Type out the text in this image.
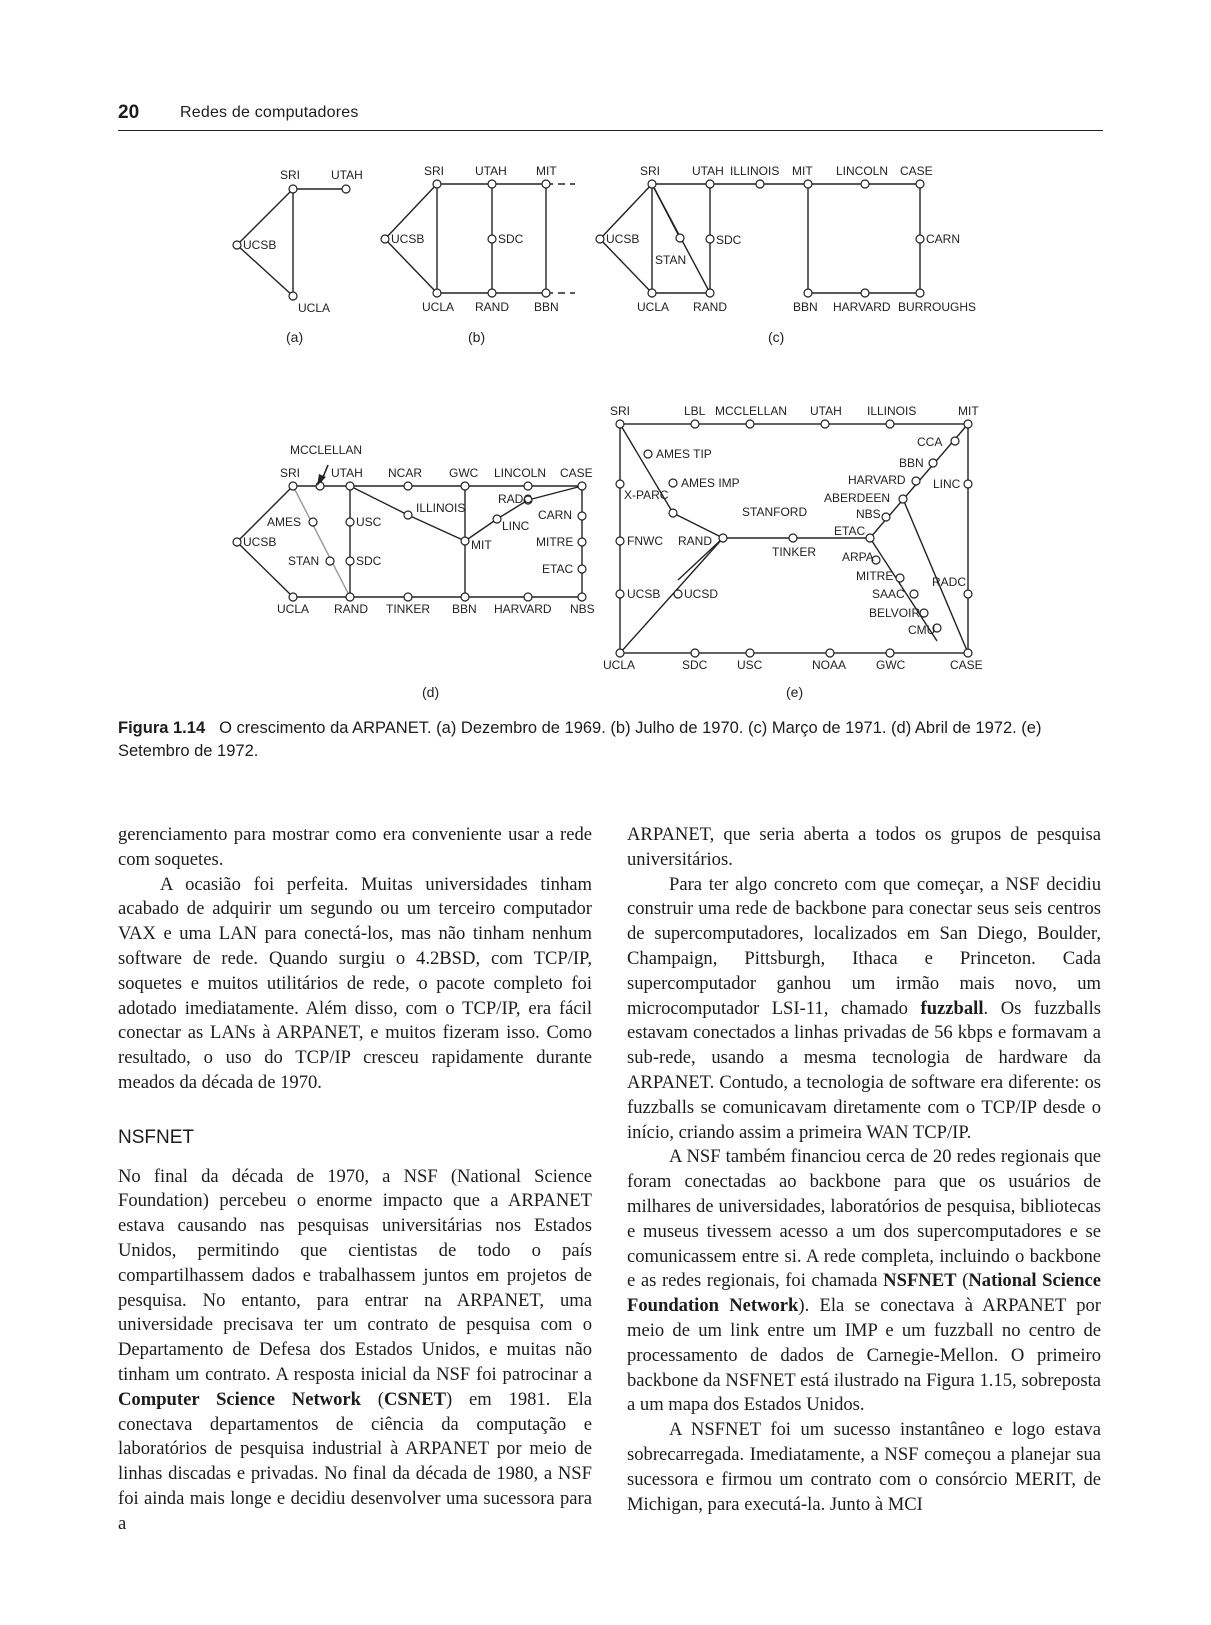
20	Redes de computadores
SRI	UTAH
UCSB
UCLA
(a)
SRI	UTAH MIT
UCSB	SDC
UCLA RAND BBN
(b)
SRI	UTAH ILLINOIS MIT LINCOLN CASE
UCSB	SDC
STAN
CARN
UCLA RAND	BBN HARVARD BURROUGHS
(c)
MCCLELLAN
SRI	UTAH NCAR GWC LINCOLN CASE
RADC
ILLINOIS	CARN
AMES	USC	LINC
UCSB	MIT	MITRE
STAN	SDC
ETAC
UCLA RAND TINKER BBN HARVARD NBS
(d)
SRI	LBL MCCLELLAN UTAH ILLINOIS	MIT
CCA
AMES TIP
BBN
AMES IMP	HARVARD LINC
X-PARC	ABERDEEN
STANFORD	NBS
ETAC
FNWC RAND
TINKER ARPA
MITRE	RADC
UCSB UCSD	SAAC
BELVOIR
CMU
UCLA	SDC USC	NOAA GWC	CASE
(e)
Figura 1.14 O crescimento da ARPANET. (a) Dezembro de 1969. (b) Julho de 1970. (c) Março de 1971. (d) Abril de 1972. (e) Setembro de 1972.

gerenciamento para mostrar como era conveniente usar a rede com soquetes.

A ocasião foi perfeita. Muitas universidades tinham acabado de adquirir um segundo ou um terceiro computador VAX e uma LAN para conectá-los, mas não tinham nenhum software de rede. Quando surgiu o 4.2BSD, com TCP/IP, soquetes e muitos utilitários de rede, o pacote completo foi adotado imediatamente. Além disso, com o TCP/IP, era fácil conectar as LANs à ARPANET, e muitos fizeram isso. Como resultado, o uso do TCP/IP cresceu rapidamente durante meados da década de 1970.

NSFNET

No final da década de 1970, a NSF (National Science Foundation) percebeu o enorme impacto que a ARPANET estava causando nas pesquisas universitárias nos Estados Unidos, permitindo que cientistas de todo o país compartilhassem dados e trabalhassem juntos em projetos de pesquisa. No entanto, para entrar na ARPANET, uma universidade precisava ter um contrato de pesquisa com o Departamento de Defesa dos Estados Unidos, e muitas não tinham um contrato. A resposta inicial da NSF foi patrocinar a Computer Science Network (CSNET) em 1981. Ela conectava departamentos de ciência da computação e laboratórios de pesquisa industrial à ARPANET por meio de linhas discadas e privadas. No final da década de 1980, a NSF foi ainda mais longe e decidiu desenvolver uma sucessora para a

ARPANET, que seria aberta a todos os grupos de pesquisa universitários.

Para ter algo concreto com que começar, a NSF decidiu construir uma rede de backbone para conectar seus seis centros de supercomputadores, localizados em San Diego, Boulder, Champaign, Pittsburgh, Ithaca e Princeton. Cada supercomputador ganhou um irmão mais novo, um microcomputador LSI-11, chamado fuzzball. Os fuzzballs estavam conectados a linhas privadas de 56 kbps e formavam a sub-rede, usando a mesma tecnologia de hardware da ARPANET. Contudo, a tecnologia de software era diferente: os fuzzballs se comunicavam diretamente com o TCP/IP desde o início, criando assim a primeira WAN TCP/IP.

A NSF também financiou cerca de 20 redes regionais que foram conectadas ao backbone para que os usuários de milhares de universidades, laboratórios de pesquisa, bibliotecas e museus tivessem acesso a um dos supercomputadores e se comunicassem entre si. A rede completa, incluindo o backbone e as redes regionais, foi chamada NSFNET (National Science Foundation Network). Ela se conectava à ARPANET por meio de um link entre um IMP e um fuzzball no centro de processamento de dados de Carnegie-Mellon. O primeiro backbone da NSFNET está ilustrado na Figura 1.15, sobreposta a um mapa dos Estados Unidos.

A NSFNET foi um sucesso instantâneo e logo estava sobrecarregada. Imediatamente, a NSF começou a planejar sua sucessora e firmou um contrato com o consórcio MERIT, de Michigan, para executá-la. Junto à MCI
